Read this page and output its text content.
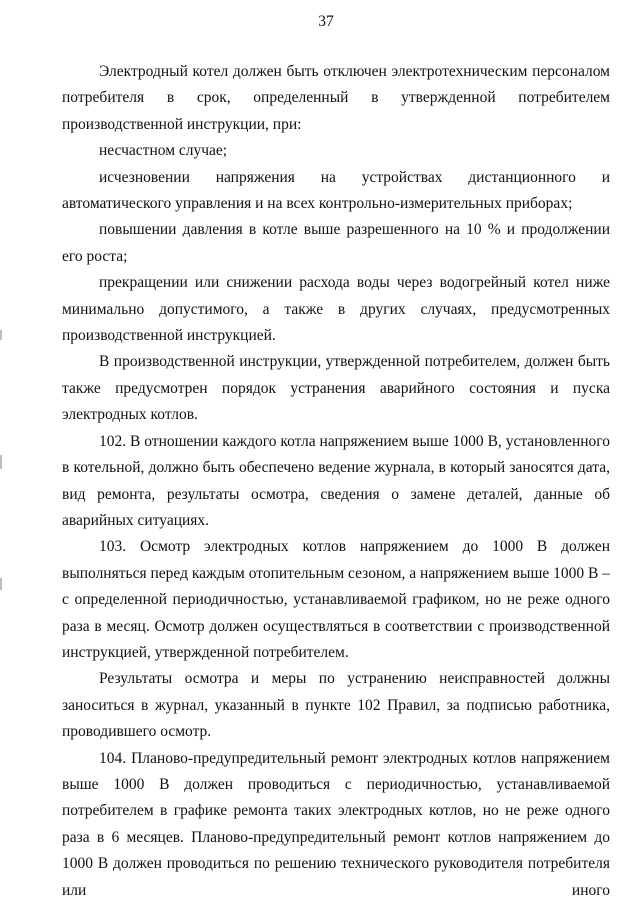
37

Электродный котел должен быть отключен электротехническим персоналом потребителя в срок, определенный в утвержденной потребителем производственной инструкции, при:

несчастном случае;

исчезновении напряжения на устройствах дистанционного и автоматического управления и на всех контрольно-измерительных приборах;

повышении давления в котле выше разрешенного на 10 % и продолжении его роста;

прекращении или снижении расхода воды через водогрейный котел ниже минимально допустимого, а также в других случаях, предусмотренных производственной инструкцией.

В производственной инструкции, утвержденной потребителем, должен быть также предусмотрен порядок устранения аварийного состояния и пуска электродных котлов.

102. В отношении каждого котла напряжением выше 1000 В, установленного в котельной, должно быть обеспечено ведение журнала, в который заносятся дата, вид ремонта, результаты осмотра, сведения о замене деталей, данные об аварийных ситуациях.

103. Осмотр электродных котлов напряжением до 1000 В должен выполняться перед каждым отопительным сезоном, а напряжением выше 1000 В – с определенной периодичностью, устанавливаемой графиком, но не реже одного раза в месяц. Осмотр должен осуществляться в соответствии с производственной инструкцией, утвержденной потребителем.

Результаты осмотра и меры по устранению неисправностей должны заноситься в журнал, указанный в пункте 102 Правил, за подписью работника, проводившего осмотр.

104. Планово-предупредительный ремонт электродных котлов напряжением выше 1000 В должен проводиться с периодичностью, устанавливаемой потребителем в графике ремонта таких электродных котлов, но не реже одного раза в 6 месяцев. Планово-предупредительный ремонт котлов напряжением до 1000 В должен проводиться по решению технического руководителя потребителя или иного
